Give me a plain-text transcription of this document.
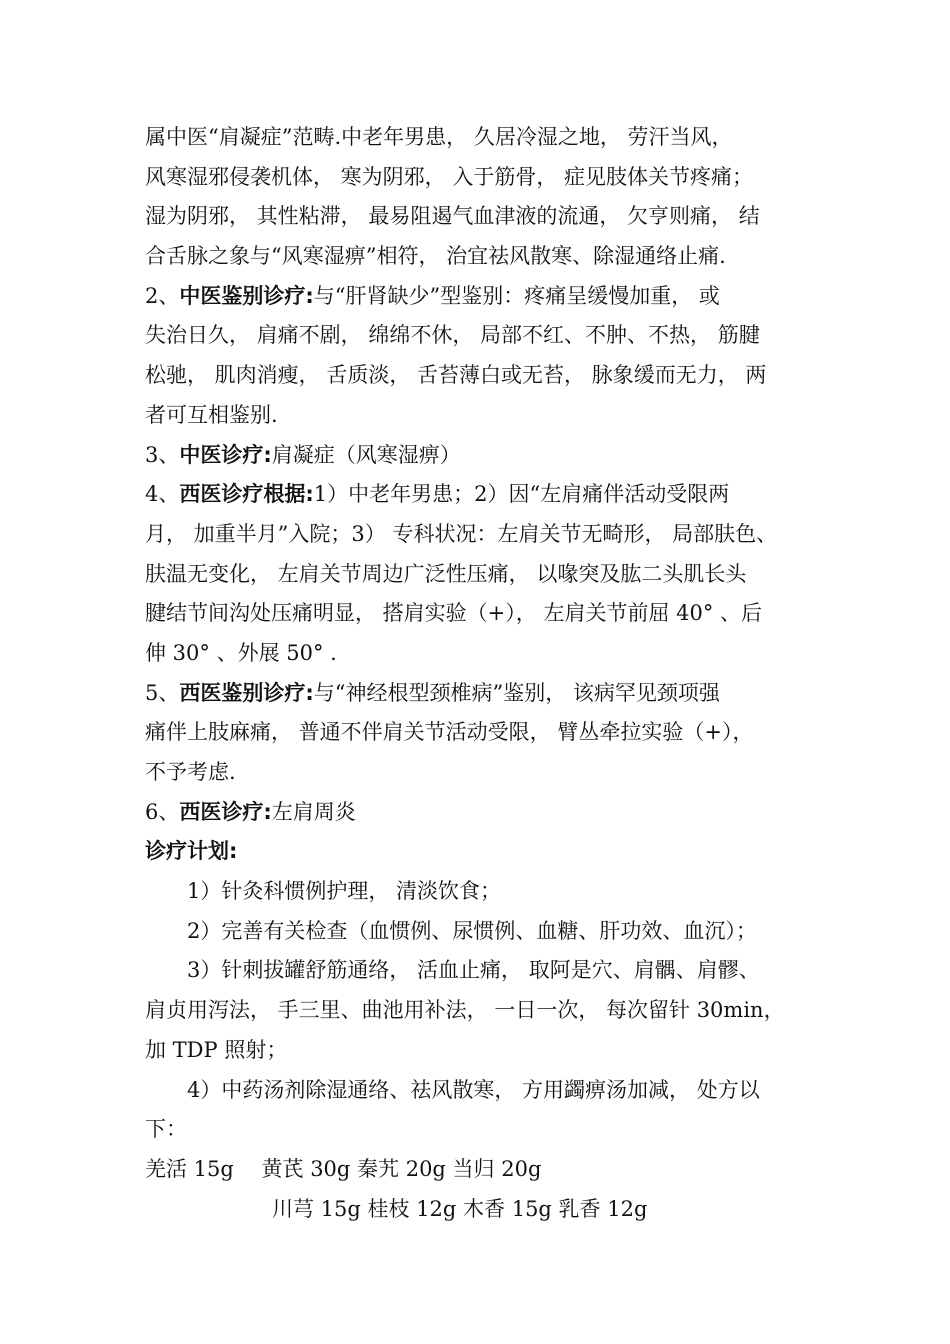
属中医“肩凝症”范畴.中老年男患， 久居冷湿之地， 劳汗当风，
风寒湿邪侵袭机体， 寒为阴邪， 入于筋骨， 症见肢体关节疼痛；
湿为阴邪， 其性粘滞， 最易阻遏气血津液的流通， 欠亨则痛， 结
合舌脉之象与“风寒湿痹”相符， 治宜祛风散寒、除湿通络止痛.
2、中医鉴别诊疗:与“肝肾缺少”型鉴别：疼痛呈缓慢加重， 或
失治日久， 肩痛不剧， 绵绵不休， 局部不红、不肿、不热， 筋腱
松驰， 肌肉消瘦， 舌质淡， 舌苔薄白或无苔， 脉象缓而无力， 两
者可互相鉴别.
3、中医诊疗:肩凝症（风寒湿痹）
4、西医诊疗根据:1）中老年男患；2）因“左肩痛伴活动受限两
月， 加重半月”入院；3） 专科状况：左肩关节无畸形， 局部肤色、
肤温无变化， 左肩关节周边广泛性压痛， 以喙突及肱二头肌长头
腱结节间沟处压痛明显， 搭肩实验（+）， 左肩关节前屈 40° 、后
伸 30° 、外展 50° .
5、西医鉴别诊疗:与“神经根型颈椎病”鉴别， 该病罕见颈项强
痛伴上肢麻痛， 普通不伴肩关节活动受限， 臂丛牵拉实验（+），
不予考虑.
6、西医诊疗:左肩周炎
诊疗计划:
1）针灸科惯例护理， 清淡饮食；
2）完善有关检查（血惯例、尿惯例、血糖、肝功效、血沉）；
3）针刺拔罐舒筋通络， 活血止痛， 取阿是穴、肩髃、肩髎、
肩贞用泻法， 手三里、曲池用补法， 一日一次， 每次留针 30min，
加 TDP 照射；
4）中药汤剂除湿通络、祛风散寒， 方用蠲痹汤加减， 处方以
下：
羌活 15g　 黄芪 30g 秦艽 20g 当归 20g
川芎 15g 桂枝 12g 木香 15g 乳香 12g
